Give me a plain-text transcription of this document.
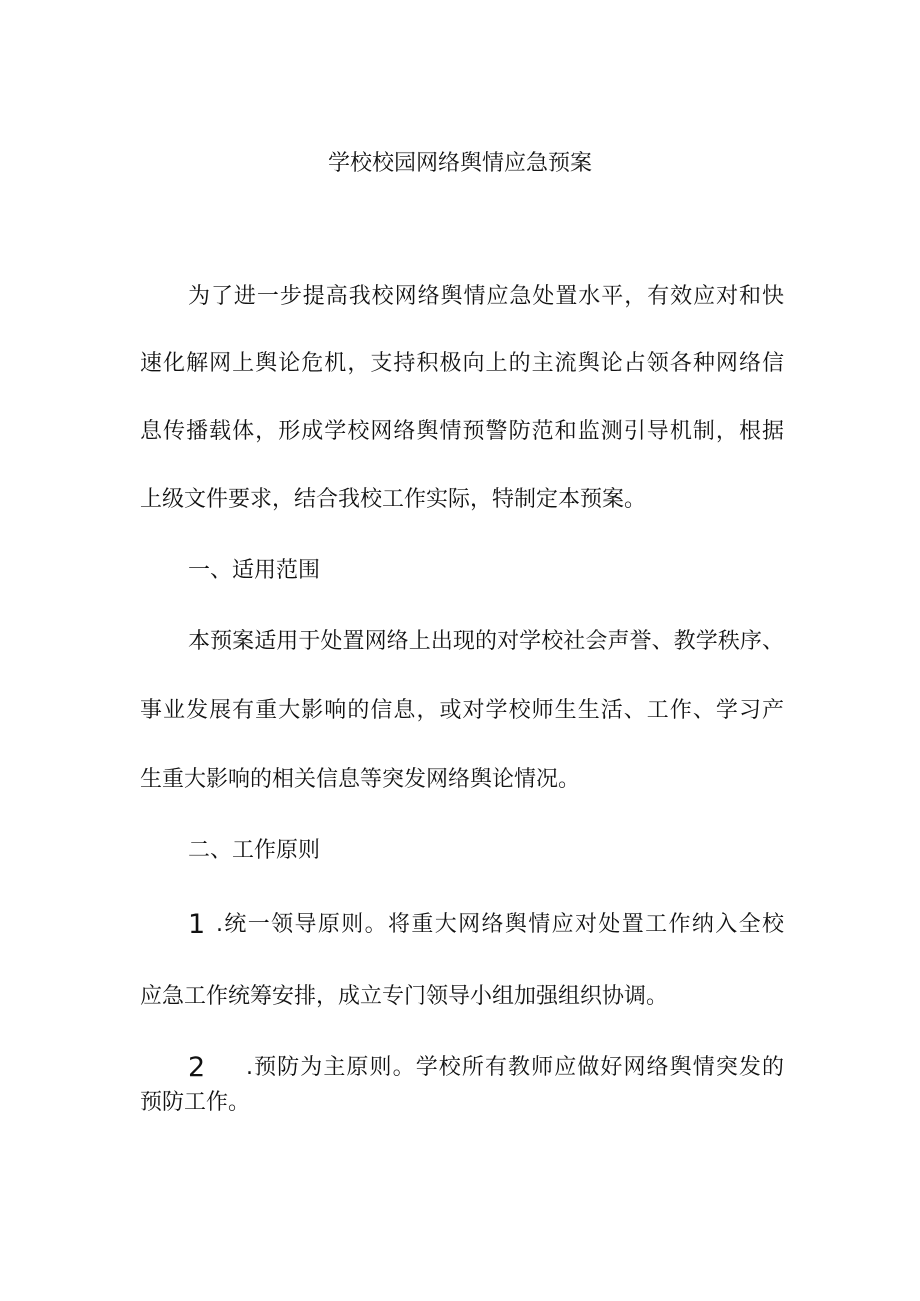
学校校园网络舆情应急预案
为了进一步提高我校网络舆情应急处置水平，有效应对和快
速化解网上舆论危机，支持积极向上的主流舆论占领各种网络信
息传播载体，形成学校网络舆情预警防范和监测引导机制，根据
上级文件要求，结合我校工作实际，特制定本预案。
一、适用范围
本预案适用于处置网络上出现的对学校社会声誉、教学秩序、
事业发展有重大影响的信息，或对学校师生生活、工作、学习产
生重大影响的相关信息等突发网络舆论情况。
二、工作原则
1 .统一领导原则。将重大网络舆情应对处置工作纳入全校
应急工作统筹安排，成立专门领导小组加强组织协调。
2 .预防为主原则。学校所有教师应做好网络舆情突发的
预防工作。
